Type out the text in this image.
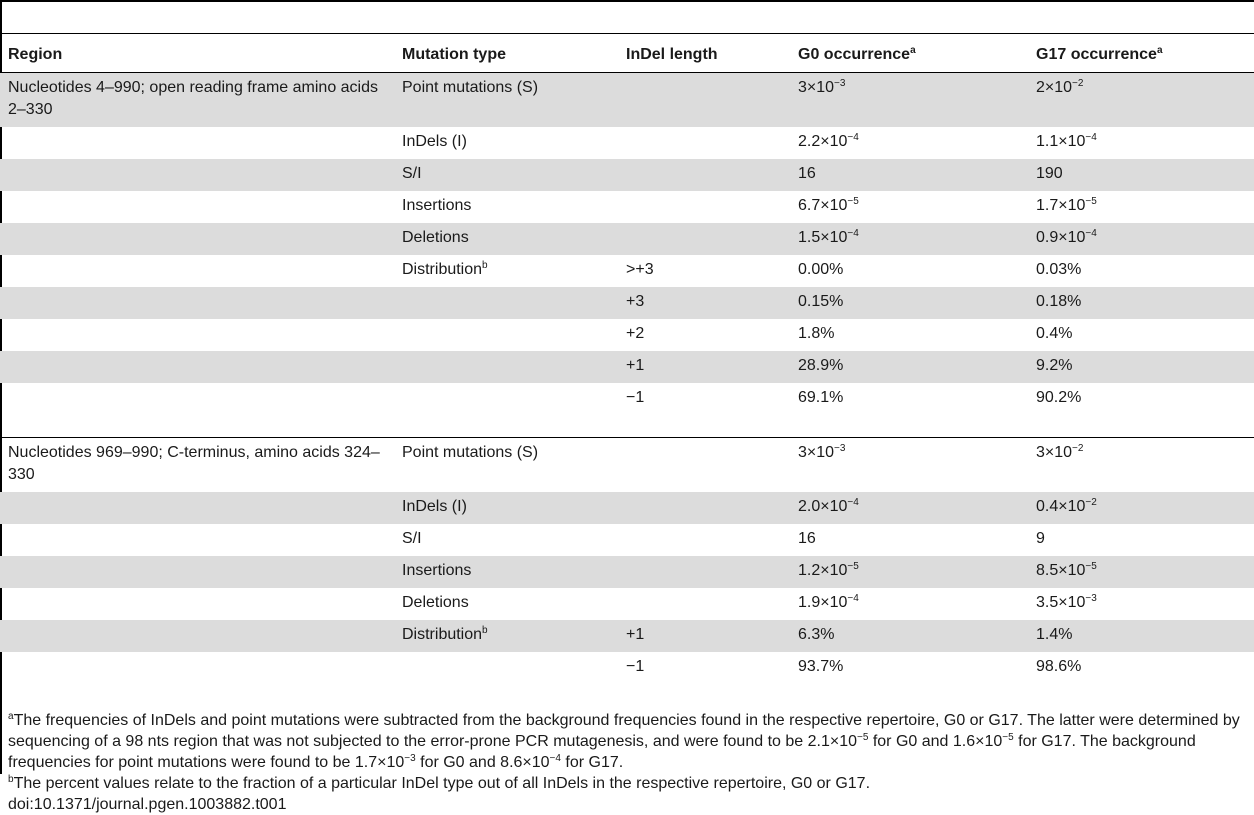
Region	Mutation type	InDel length	G0 occurrence$^a$	G17 occurrence$^a$
Nucleotides 4–990; open reading frame amino acids 2–330	Point mutations (S)		$3\times 10^{-3}$	$2\times 10^{-2}$
	InDels (I)		$2.2\times 10^{-4}$	$1.1\times 10^{-4}$
	S/I		16	190
	Insertions		$6.7\times 10^{-5}$	$1.7\times 10^{-5}$
	Deletions		$1.5\times 10^{-4}$	$0.9\times 10^{-4}$
	Distribution$^b$	>+3	0.00%	0.03%
		+3	0.15%	0.18%
		+2	1.8%	0.4%
		+1	28.9%	9.2%
		−1	69.1%	90.2%
Nucleotides 969–990; C-terminus, amino acids 324–330	Point mutations (S)		$3\times 10^{-3}$	$3\times 10^{-2}$
	InDels (I)		$2.0\times 10^{-4}$	$0.4\times 10^{-2}$
	S/I		16	9
	Insertions		$1.2\times 10^{-5}$	$8.5\times 10^{-5}$
	Deletions		$1.9\times 10^{-4}$	$3.5\times 10^{-3}$
	Distribution$^b$	+1	6.3%	1.4%
		−1	93.7%	98.6%

$^a$The frequencies of InDels and point mutations were subtracted from the background frequencies found in the respective repertoire, G0 or G17. The latter were determined by sequencing of a 98 nts region that was not subjected to the error-prone PCR mutagenesis, and were found to be $2.1\times 10^{-5}$ for G0 and $1.6\times 10^{-5}$ for G17. The background frequencies for point mutations were found to be $1.7\times 10^{-3}$ for G0 and $8.6\times 10^{-4}$ for G17.

$^b$The percent values relate to the fraction of a particular InDel type out of all InDels in the respective repertoire, G0 or G17.

doi:10.1371/journal.pgen.1003882.t001
